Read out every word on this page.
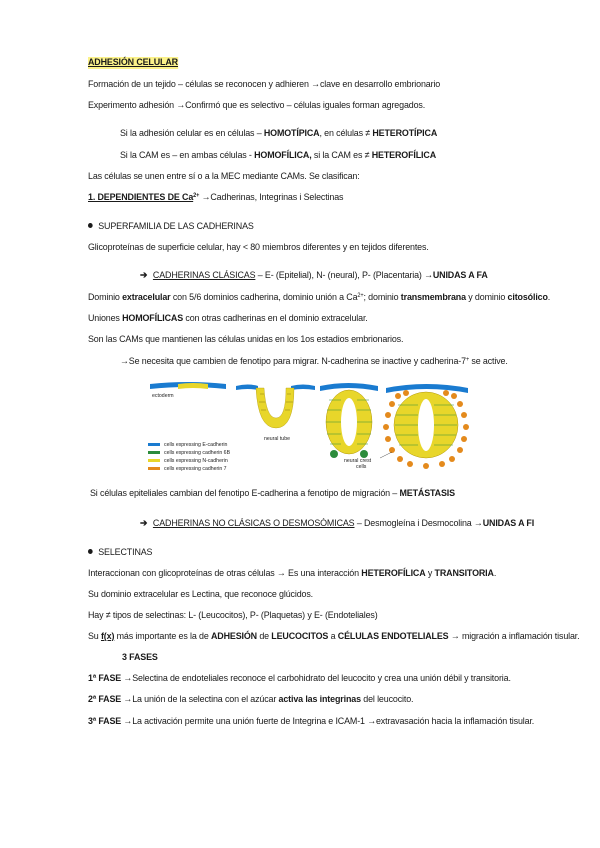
ADHESIÓN CELULAR
Formación de un tejido – células se reconocen y adhieren →clave en desarrollo embrionario
Experimento adhesión →Confirmó que es selectivo – células iguales forman agregados.
Si la adhesión celular es en células – HOMOTÍPICA, en células ≠ HETEROTÍPICA
Si la CAM es – en ambas células - HOMOFÍLICA, si la CAM es ≠ HETEROFÍLICA
Las células se unen entre sí o a la MEC mediante CAMs. Se clasifican:
1. DEPENDIENTES DE $Ca^{2+}$ →Cadherinas, Integrinas i Selectinas
SUPERFAMILIA DE LAS CADHERINAS
Glicoproteínas de superficie celular, hay < 80 miembros diferentes y en tejidos diferentes.
➔ CADHERINAS CLÁSICAS – E- (Epitelial), N- (neural), P- (Placentaria) →UNIDAS A FA
Dominio extracelular con 5/6 dominios cadherina, dominio unión a $Ca^{2+}$; dominio transmembrana y dominio citosólico.
Uniones HOMOFÍLICAS con otras cadherinas en el dominio extracelular.
Son las CAMs que mantienen las células unidas en los 1os estadios embrionarios.
→Se necesita que cambien de fenotipo para migrar. N-cadherina se inactive y cadherina-7+ se active.
ectoderm
neural tube
neural crest
cells
cells expressing E-cadherin
cells expressing cadherin 6B
cells expressing N-cadherin
cells expressing cadherin 7
Si células epiteliales cambian del fenotipo E-cadherina a fenotipo de migración – METÁSTASIS
➔ CADHERINAS NO CLÁSICAS O DESMOSÓMICAS – Desmogleína i Desmocolina →UNIDAS A FI
SELECTINAS
Interaccionan con glicoproteínas de otras células → Es una interacción HETEROFÍLICA y TRANSITORIA.
Su dominio extracelular es Lectina, que reconoce glúcidos.
Hay ≠ tipos de selectinas: L- (Leucocitos), P- (Plaquetas) y E- (Endoteliales)
Su f(x) más importante es la de ADHESIÓN de LEUCOCITOS a CÉLULAS ENDOTELIALES → migración a inflamación tisular.
3 FASES
1ª FASE →Selectina de endoteliales reconoce el carbohidrato del leucocito y crea una unión débil y transitoria.
2ª FASE →La unión de la selectina con el azúcar activa las integrinas del leucocito.
3ª FASE →La activación permite una unión fuerte de Integrina e ICAM-1 →extravasación hacia la inflamación tisular.
